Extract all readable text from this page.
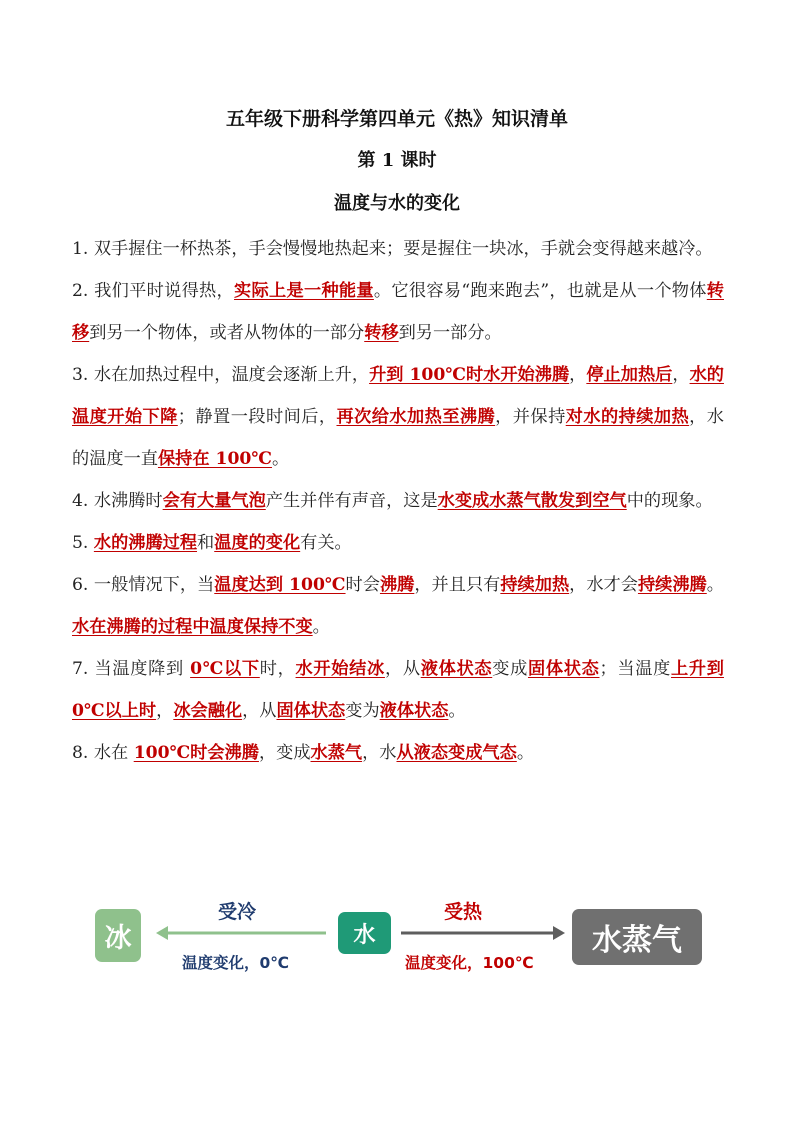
五年级下册科学第四单元《热》知识清单
第 1 课时
温度与水的变化

1. 双手握住一杯热茶，手会慢慢地热起来；要是握住一块冰，手就会变得越来越冷。

2. 我们平时说得热，实际上是一种能量。它很容易“跑来跑去”，也就是从一个物体转移到另一个物体，或者从物体的一部分转移到另一部分。

3. 水在加热过程中，温度会逐渐上升，升到 100℃时水开始沸腾，停止加热后，水的温度开始下降；静置一段时间后，再次给水加热至沸腾，并保持对水的持续加热，水的温度一直保持在 100℃。

4. 水沸腾时会有大量气泡产生并伴有声音，这是水变成水蒸气散发到空气中的现象。

5. 水的沸腾过程和温度的变化有关。

6. 一般情况下，当温度达到 100℃时会沸腾，并且只有持续加热，水才会持续沸腾。水在沸腾的过程中温度保持不变。

7. 当温度降到 0℃以下时，水开始结冰，从液体状态变成固体状态；当温度上升到 0℃以上时，冰会融化，从固体状态变为液体状态。

8. 水在 100℃时会沸腾，变成水蒸气，水从液态变成气态。

冰	水	水蒸气
受冷
温度变化，0℃
受热
温度变化，100℃
